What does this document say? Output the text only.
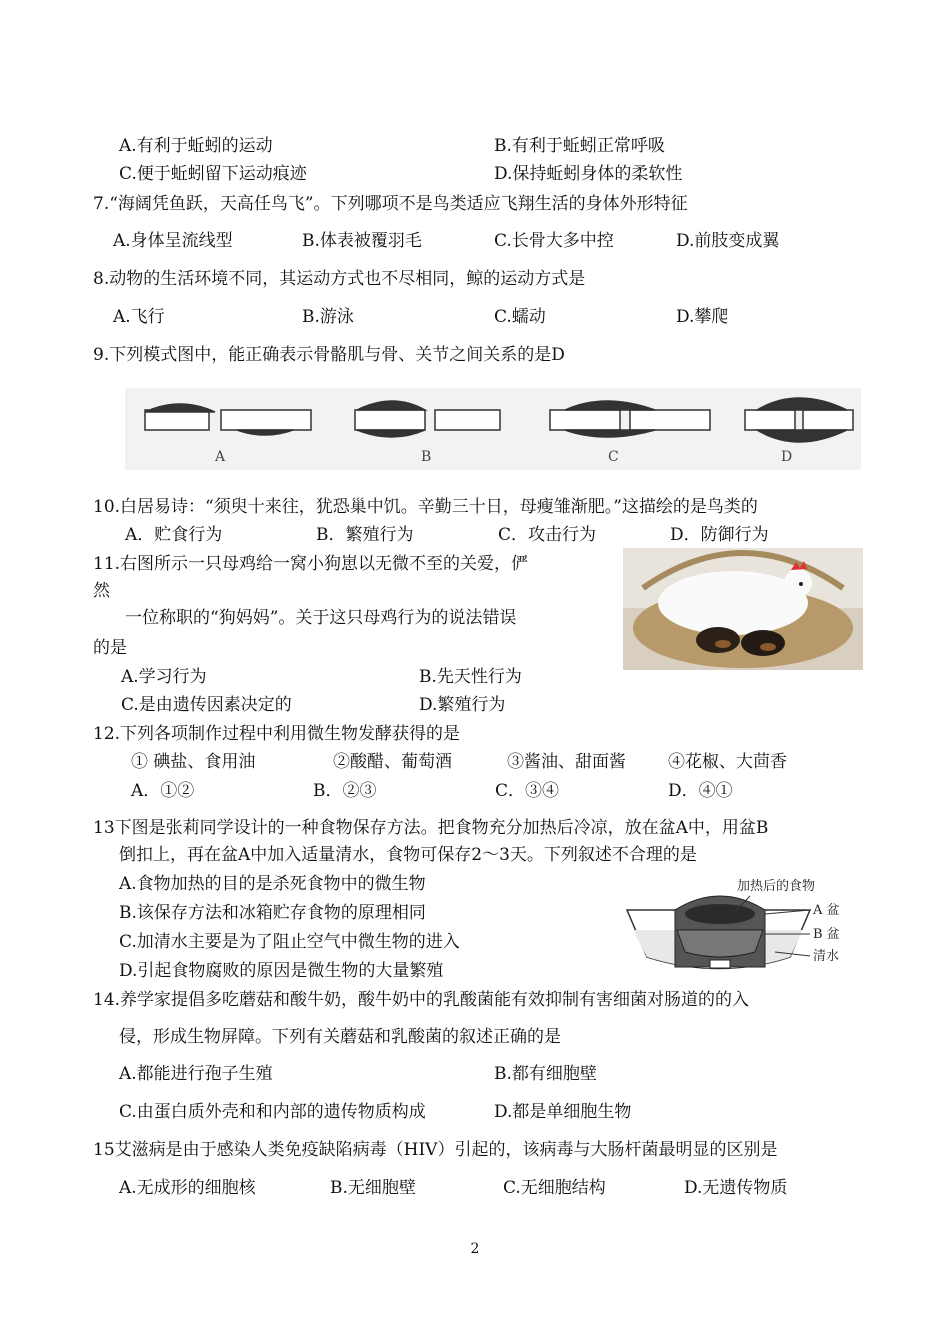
A.有利于蚯蚓的运动	B.有利于蚯蚓正常呼吸
C.便于蚯蚓留下运动痕迹	D.保持蚯蚓身体的柔软性
7.“海阔凭鱼跃，天高任鸟飞”。下列哪项不是鸟类适应飞翔生活的身体外形特征
A.身体呈流线型	B.体表被覆羽毛	C.长骨大多中控	D.前肢变成翼
8.动物的生活环境不同，其运动方式也不尽相同，鲸的运动方式是
A.飞行	B.游泳	C.蠕动	D.攀爬
9.下列模式图中，能正确表示骨骼肌与骨、关节之间关系的是D
A	B	C	D
10.白居易诗：“须臾十来往，犹恐巢中饥。辛勤三十日，母瘦雏渐肥。”这描绘的是鸟类的
A．贮食行为	B．繁殖行为	C．攻击行为	D．防御行为
11.右图所示一只母鸡给一窝小狗崽以无微不至的关爱，俨
然
一位称职的“狗妈妈”。关于这只母鸡行为的说法错误
的是
A.学习行为	B.先天性行为
C.是由遗传因素决定的	D.繁殖行为
12.下列各项制作过程中利用微生物发酵获得的是
① 碘盐、食用油	②酸醋、葡萄酒	③酱油、甜面酱 ④花椒、大茴香
A．①②	B．②③	C．③④	D．④①
13下图是张莉同学设计的一种食物保存方法。把食物充分加热后冷凉，放在盆A中，用盆B
倒扣上，再在盆A中加入适量清水，食物可保存2～3天。下列叙述不合理的是
A.食物加热的目的是杀死食物中的微生物
B.该保存方法和冰箱贮存食物的原理相同
C.加清水主要是为了阻止空气中微生物的进入
D.引起食物腐败的原因是微生物的大量繁殖
加热后的食物
A 盆
B 盆
清水
14.养学家提倡多吃蘑菇和酸牛奶，酸牛奶中的乳酸菌能有效抑制有害细菌对肠道的的入
侵，形成生物屏障。下列有关蘑菇和乳酸菌的叙述正确的是
A.都能进行孢子生殖	B.都有细胞壁
C.由蛋白质外壳和和内部的遗传物质构成	D.都是单细胞生物
15艾滋病是由于感染人类免疫缺陷病毒（HIV）引起的，该病毒与大肠杆菌最明显的区别是
A.无成形的细胞核	B.无细胞壁	C.无细胞结构	D.无遗传物质
2
